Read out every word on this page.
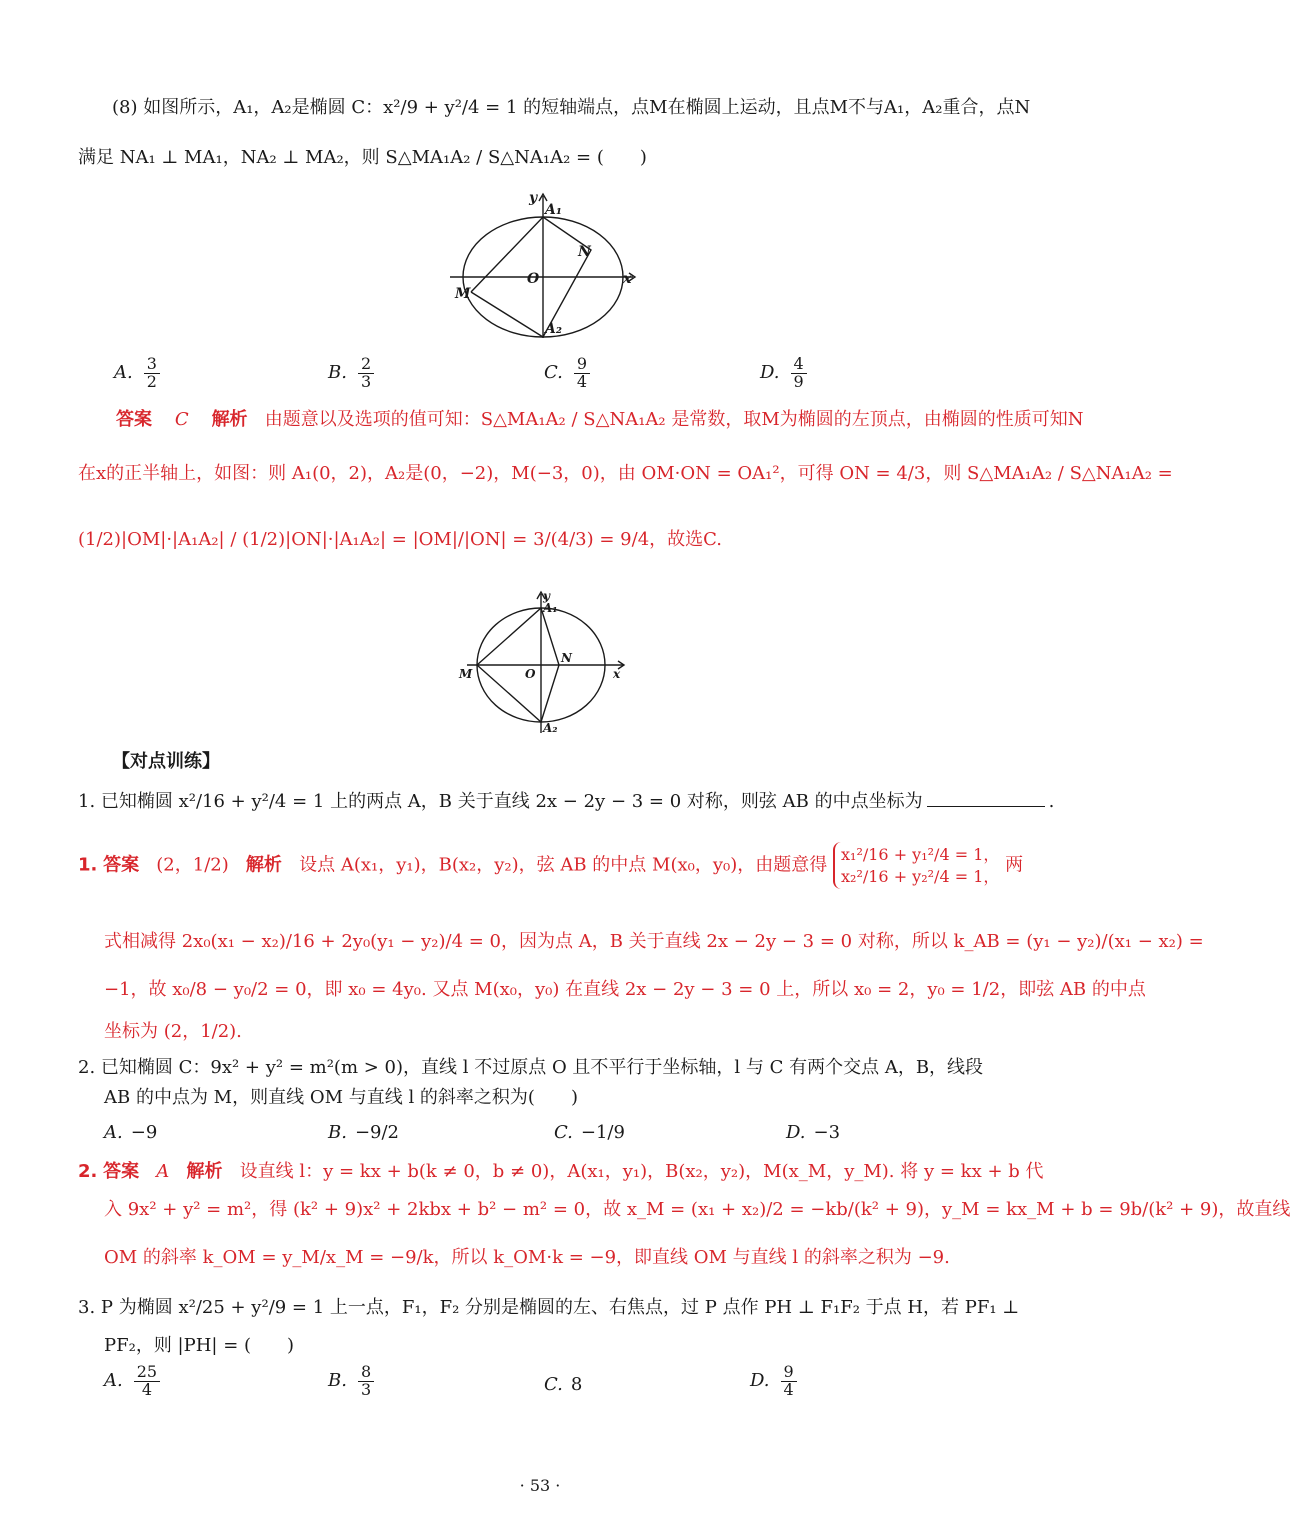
(8) 如图所示，A₁，A₂是椭圆 C：x²/9 + y²/4 = 1 的短轴端点，点M在椭圆上运动，且点M不与A₁，A₂重合，点N
满足 NA₁ ⊥ MA₁，NA₂ ⊥ MA₂，则 S△MA₁A₂ / S△NA₁A₂ = (　　)
y
A₁
N
O	x
M
A₂
A. $\frac{3}{2}$	B. $\frac{2}{3}$	C. $\frac{9}{4}$	D. $\frac{4}{9}$
答案 C 解析 由题意以及选项的值可知：S△MA₁A₂ / S△NA₁A₂ 是常数，取M为椭圆的左顶点，由椭圆的性质可知N
在x的正半轴上，如图：则 A₁(0，2)，A₂是(0，−2)，M(−3，0)，由 OM·ON = OA₁²，可得 ON = 4/3，则 S△MA₁A₂ / S△NA₁A₂ =
(1/2)|OM|·|A₁A₂| / (1/2)|ON|·|A₁A₂| = |OM|/|ON| = 3/(4/3) = 9/4，故选C.
y
A₁
N
O	x
M
A₂
【对点训练】
1. 已知椭圆 x²/16 + y²/4 = 1 上的两点 A，B 关于直线 2x − 2y − 3 = 0 对称，则弦 AB 的中点坐标为	.
1. 答案 (2，1/2) 解析 设点 A(x₁，y₁)，B(x₂，y₂)，弦 AB 的中点 M(x₀，y₀)，由题意得
x₁²/16 + y₁²/4 = 1，
x₂²/16 + y₂²/4 = 1，
两
式相减得 2x₀(x₁ − x₂)/16 + 2y₀(y₁ − y₂)/4 = 0，因为点 A，B 关于直线 2x − 2y − 3 = 0 对称，所以 k_AB = (y₁ − y₂)/(x₁ − x₂) =
−1，故 x₀/8 − y₀/2 = 0，即 x₀ = 4y₀. 又点 M(x₀，y₀) 在直线 2x − 2y − 3 = 0 上，所以 x₀ = 2，y₀ = 1/2，即弦 AB 的中点
坐标为 (2，1/2).
2. 已知椭圆 C：9x² + y² = m²(m > 0)，直线 l 不过原点 O 且不平行于坐标轴，l 与 C 有两个交点 A，B，线段
AB 的中点为 M，则直线 OM 与直线 l 的斜率之积为(　　)
A. −9	B. −9/2	C. −1/9	D. −3
2. 答案 A 解析 设直线 l：y = kx + b(k ≠ 0，b ≠ 0)，A(x₁，y₁)，B(x₂，y₂)，M(x_M，y_M). 将 y = kx + b 代
入 9x² + y² = m²，得 (k² + 9)x² + 2kbx + b² − m² = 0，故 x_M = (x₁ + x₂)/2 = −kb/(k² + 9)，y_M = kx_M + b = 9b/(k² + 9)，故直线
OM 的斜率 k_OM = y_M/x_M = −9/k，所以 k_OM·k = −9，即直线 OM 与直线 l 的斜率之积为 −9.
3. P 为椭圆 x²/25 + y²/9 = 1 上一点，F₁，F₂ 分别是椭圆的左、右焦点，过 P 点作 PH ⊥ F₁F₂ 于点 H，若 PF₁ ⊥
PF₂，则 |PH| = (　　)
A. $\frac{25}{4}$	B. $\frac{8}{3}$	C. 8	D. $\frac{9}{4}$
· 53 ·
